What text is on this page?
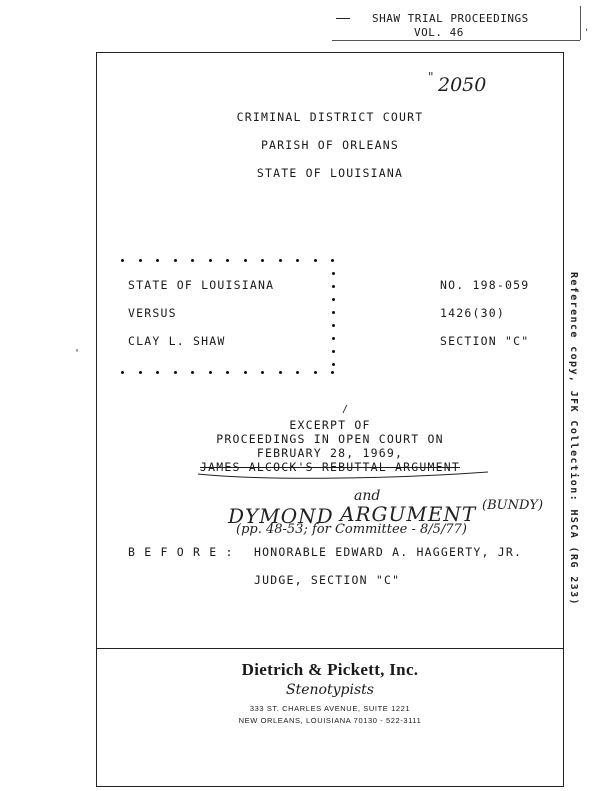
SHAW TRIAL PROCEEDINGS
VOL. 46	'
2050
"
CRIMINAL DISTRICT COURT
PARISH OF ORLEANS
STATE OF LOUISIANA
STATE OF LOUISIANA
VERSUS
CLAY L. SHAW
NO. 198-059
1426(30)
SECTION "C"
EXCERPT OF
PROCEEDINGS IN OPEN COURT ON
FEBRUARY 28, 1969,
JAMES ALCOCK'S REBUTTAL ARGUMENT
and
DYMOND ARGUMENT (BUNDY)
(pp. 48-53; for Committee - 8/5/77)
B E F O R E : HONORABLE EDWARD A. HAGGERTY, JR.
JUDGE, SECTION "C"	Reference copy, JFK Collection: HSCA (RG 233)
'
/
Dietrich & Pickett, Inc.
Stenotypists
333 ST. CHARLES AVENUE, SUITE 1221
NEW ORLEANS, LOUISIANA 70130 - 522-3111
